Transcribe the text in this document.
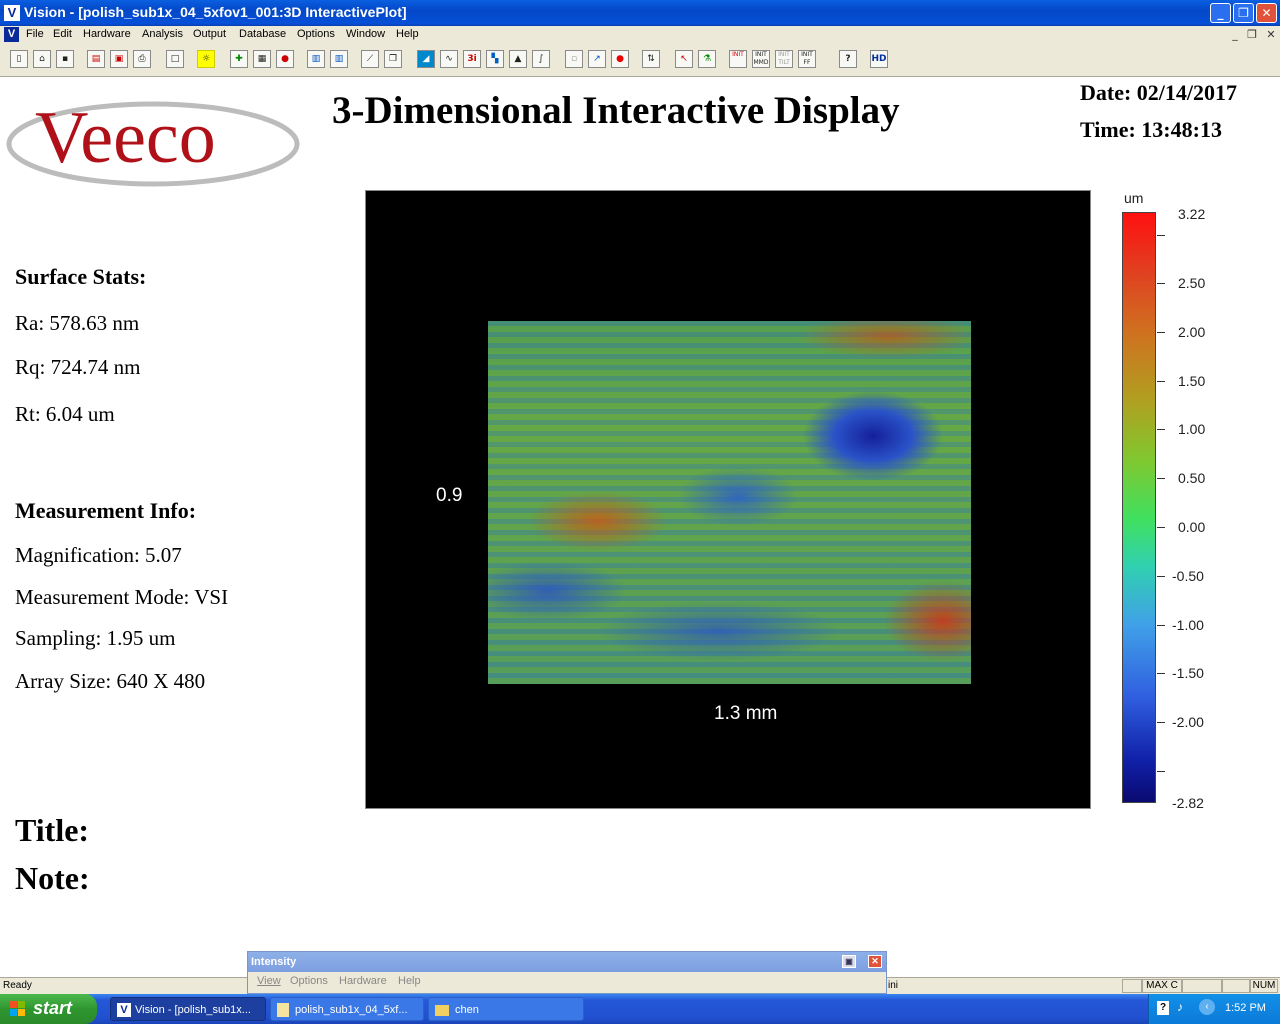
V Vision - [polish_sub1x_04_5xfov1_001:3D InteractivePlot]	_	❐	✕
V File Edit Hardware Analysis Output Database Options Window Help	_ ❐ ✕
▯	⌂	▪	▤	▣	⎙	□	☼	✚	▦	●	▥	▥	⟋	❐	◢	∿	3i	▚	▲	∫	▫	↗	●	⇅	↖	⚗	INIT	INIT MMD
INIT TILT
INIT FF	?	HD
Veeco	3-Dimensional Interactive Display	Date: 02/14/2017
Time: 13:48:13
Surface Stats:
Ra: 578.63 nm
Rq: 724.74 nm
Rt: 6.04 um
Measurement Info:
Magnification: 5.07
Measurement Mode: VSI
Sampling: 1.95 um
Array Size: 640 X 480
0.9
1.3 mm
um
3.22
-2.82
2.50
2.00
1.50
1.00
0.50
0.00
-0.50
-1.00
-1.50
-2.00
Title:
Note:
Ready	ini	MAX C	NUM
Intensity	▣	✕
View Options Hardware Help
start	V Vision - [polish_sub1x...	polish_sub1x_04_5xf...	chen	? ♪	‹	1:52 PM
